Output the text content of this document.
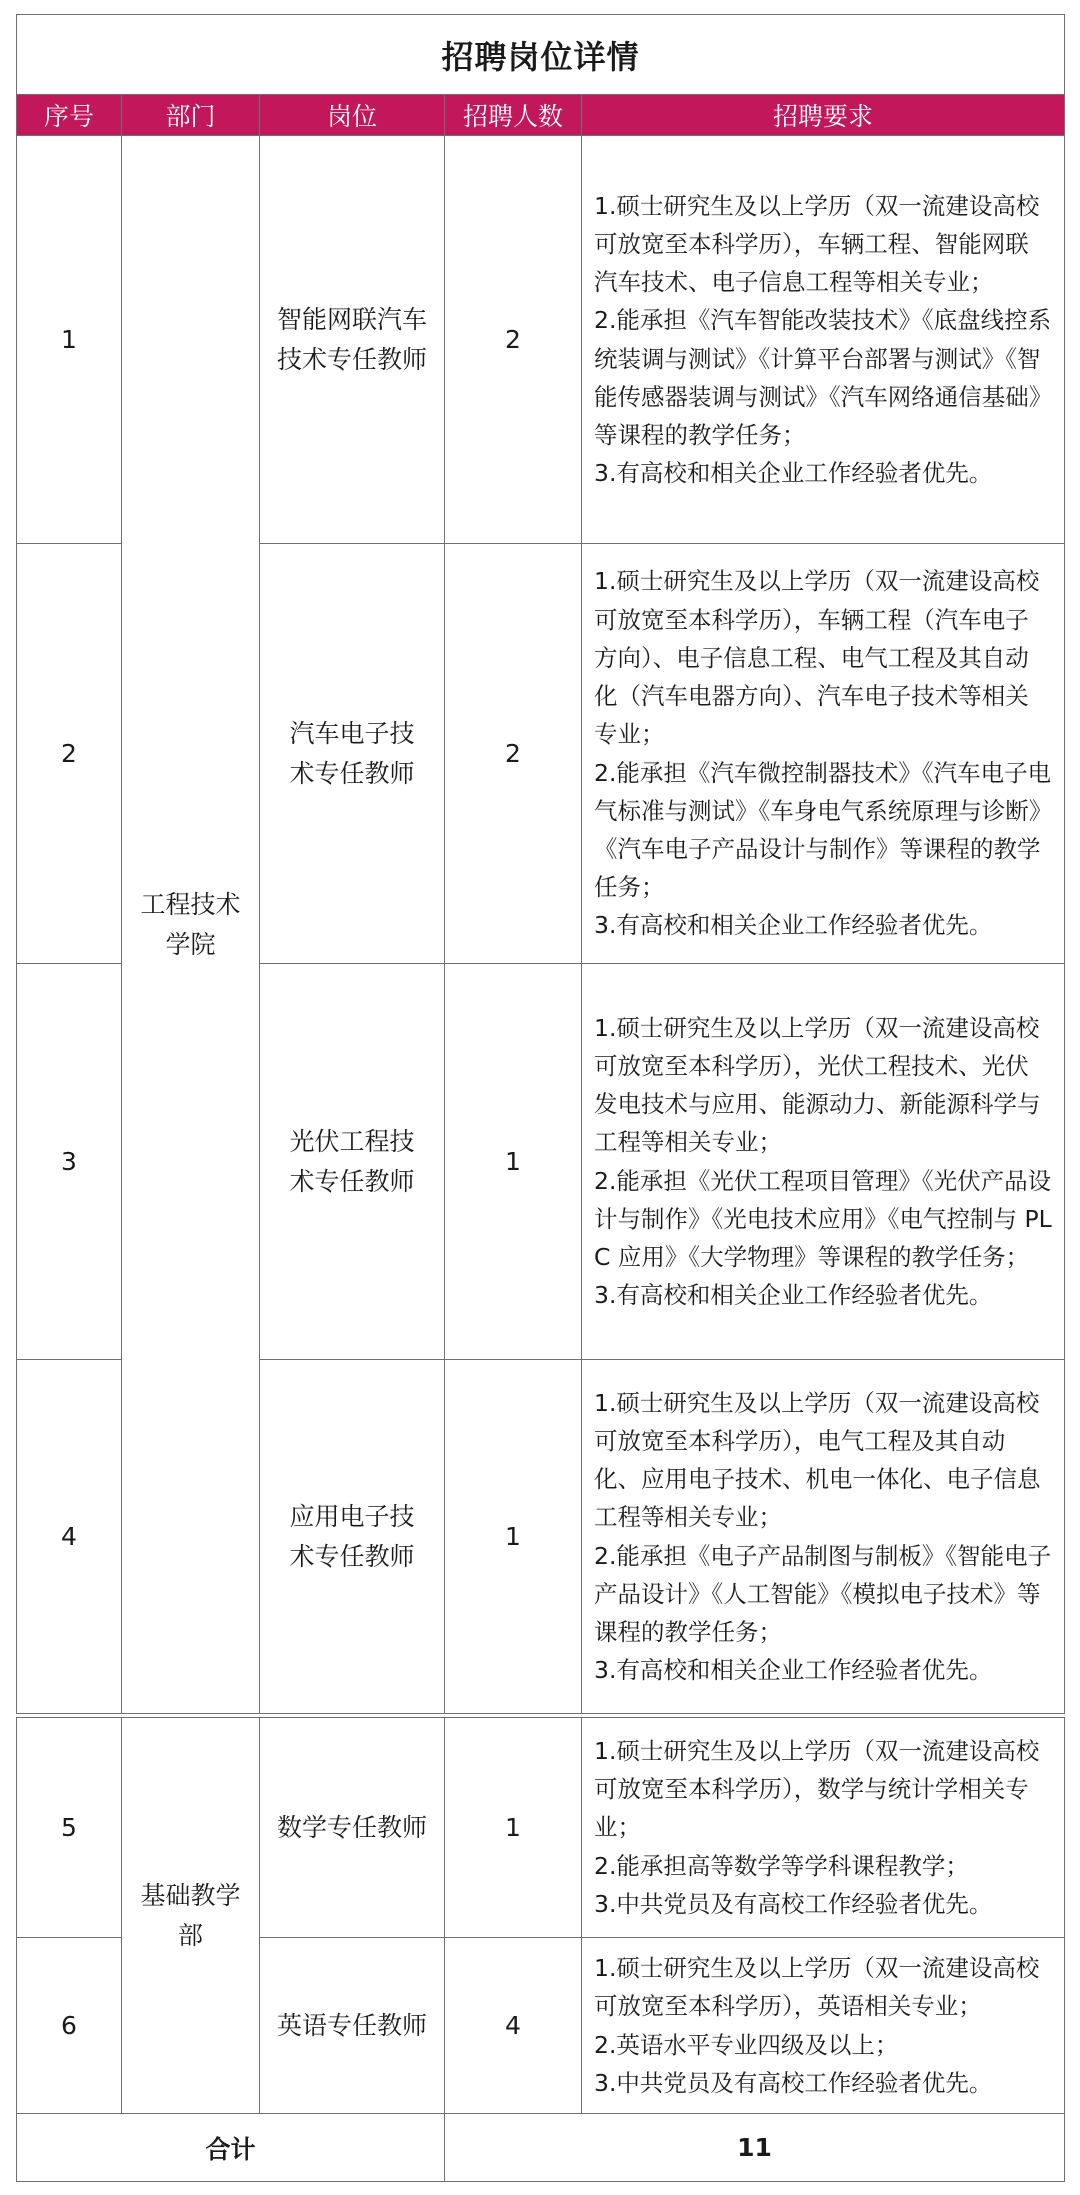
招聘岗位详情				
序号	部门	岗位	招聘人数	招聘要求
1	工程技术学院	智能网联汽车技术专任教师	2	1.硕士研究生及以上学历（双一流建设高校可放宽至本科学历），车辆工程、智能网联汽车技术、电子信息工程等相关专业；
2.能承担《汽车智能改装技术》《底盘线控系统装调与测试》《计算平台部署与测试》《智能传感器装调与测试》《汽车网络通信基础》等课程的教学任务；
3.有高校和相关企业工作经验者优先。

2		汽车电子技术专任教师	2	1.硕士研究生及以上学历（双一流建设高校可放宽至本科学历），车辆工程（汽车电子方向）、电子信息工程、电气工程及其自动化（汽车电器方向）、汽车电子技术等相关专业；
2.能承担《汽车微控制器技术》《汽车电子电气标准与测试》《车身电气系统原理与诊断》《汽车电子产品设计与制作》等课程的教学任务；
3.有高校和相关企业工作经验者优先。

3		光伏工程技术专任教师	1	1.硕士研究生及以上学历（双一流建设高校可放宽至本科学历），光伏工程技术、光伏发电技术与应用、能源动力、新能源科学与工程等相关专业；
2.能承担《光伏工程项目管理》《光伏产品设计与制作》《光电技术应用》《电气控制与 PLC 应用》《大学物理》等课程的教学任务；
3.有高校和相关企业工作经验者优先。

4		应用电子技术专任教师	1	1.硕士研究生及以上学历（双一流建设高校可放宽至本科学历），电气工程及其自动化、应用电子技术、机电一体化、电子信息工程等相关专业；
2.能承担《电子产品制图与制板》《智能电子产品设计》《人工智能》《模拟电子技术》等课程的教学任务；
3.有高校和相关企业工作经验者优先。

5	基础教学部	数学专任教师	1	1.硕士研究生及以上学历（双一流建设高校可放宽至本科学历），数学与统计学相关专业；
2.能承担高等数学等学科课程教学；
3.中共党员及有高校工作经验者优先。

6		英语专任教师	4	1.硕士研究生及以上学历（双一流建设高校可放宽至本科学历），英语相关专业；
2.英语水平专业四级及以上；
3.中共党员及有高校工作经验者优先。

合计			11	
